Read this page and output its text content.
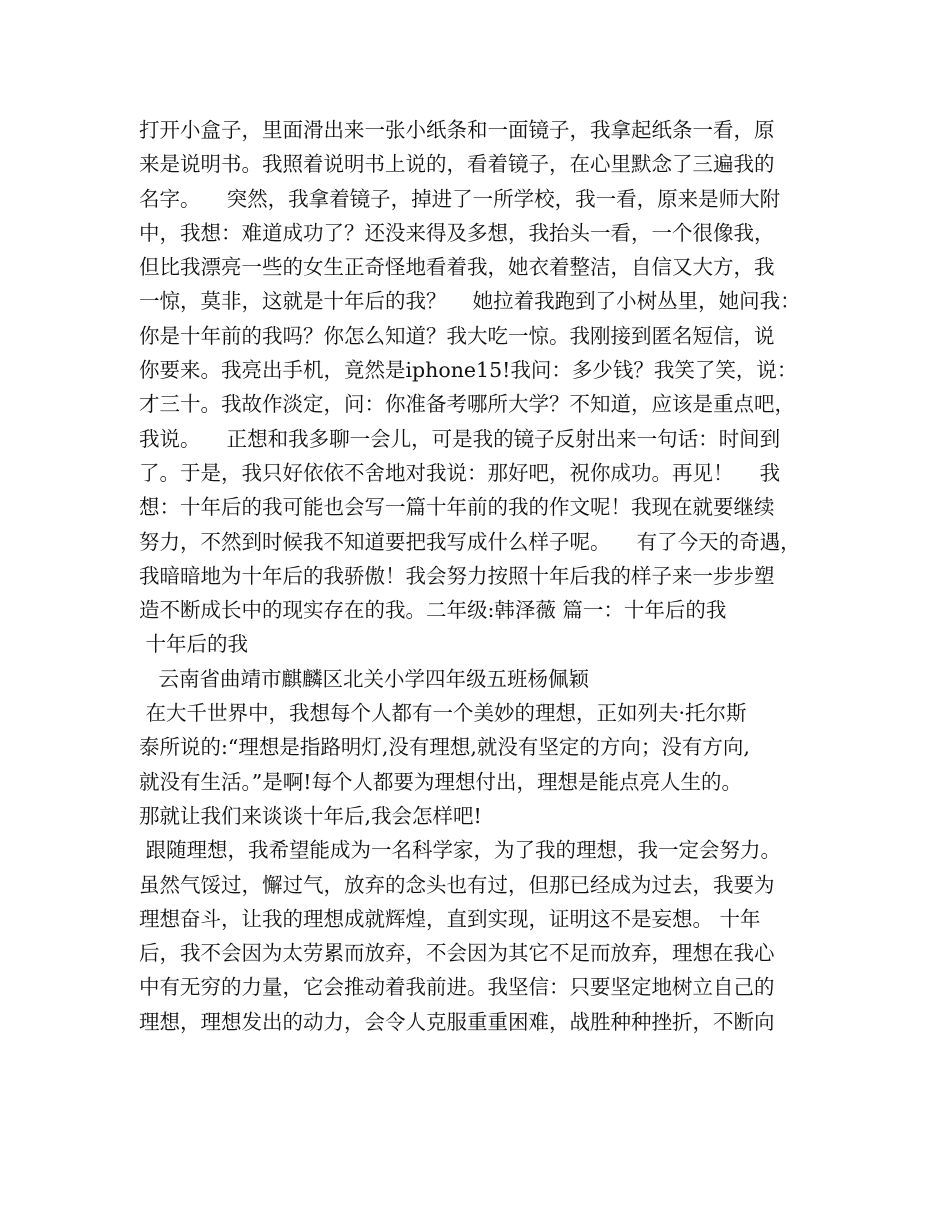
打开小盒子，里面滑出来一张小纸条和一面镜子，我拿起纸条一看，原
来是说明书。我照着说明书上说的，看着镜子，在心里默念了三遍我的
名字。    突然，我拿着镜子，掉进了一所学校，我一看，原来是师大附
中，我想：难道成功了？还没来得及多想，我抬头一看，一个很像我，
但比我漂亮一些的女生正奇怪地看着我，她衣着整洁，自信又大方，我
一惊，莫非，这就是十年后的我？    她拉着我跑到了小树丛里，她问我：
你是十年前的我吗？你怎么知道？我大吃一惊。我刚接到匿名短信，说
你要来。我亮出手机，竟然是iphone15!我问：多少钱？我笑了笑，说：
才三十。我故作淡定，问：你准备考哪所大学？不知道，应该是重点吧，
我说。    正想和我多聊一会儿，可是我的镜子反射出来一句话：时间到
了。于是，我只好依依不舍地对我说：那好吧，祝你成功。再见！    我
想：十年后的我可能也会写一篇十年前的我的作文呢！我现在就要继续
努力，不然到时候我不知道要把我写成什么样子呢。    有了今天的奇遇，
我暗暗地为十年后的我骄傲！我会努力按照十年后我的样子来一步步塑
造不断成长中的现实存在的我。二年级:韩泽薇 篇一：十年后的我
十年后的我
云南省曲靖市麒麟区北关小学四年级五班杨佩颖
在大千世界中，我想每个人都有一个美妙的理想，正如列夫·托尔斯
泰所说的:“理想是指路明灯,没有理想,就没有坚定的方向；没有方向,
就没有生活。”是啊!每个人都要为理想付出，理想是能点亮人生的。
那就让我们来谈谈十年后,我会怎样吧!
跟随理想，我希望能成为一名科学家，为了我的理想，我一定会努力。
虽然气馁过，懈过气，放弃的念头也有过，但那已经成为过去，我要为
理想奋斗，让我的理想成就辉煌，直到实现，证明这不是妄想。 十年
后，我不会因为太劳累而放弃，不会因为其它不足而放弃，理想在我心
中有无穷的力量，它会推动着我前进。我坚信：只要坚定地树立自己的
理想，理想发出的动力，会令人克服重重困难，战胜种种挫折，不断向
